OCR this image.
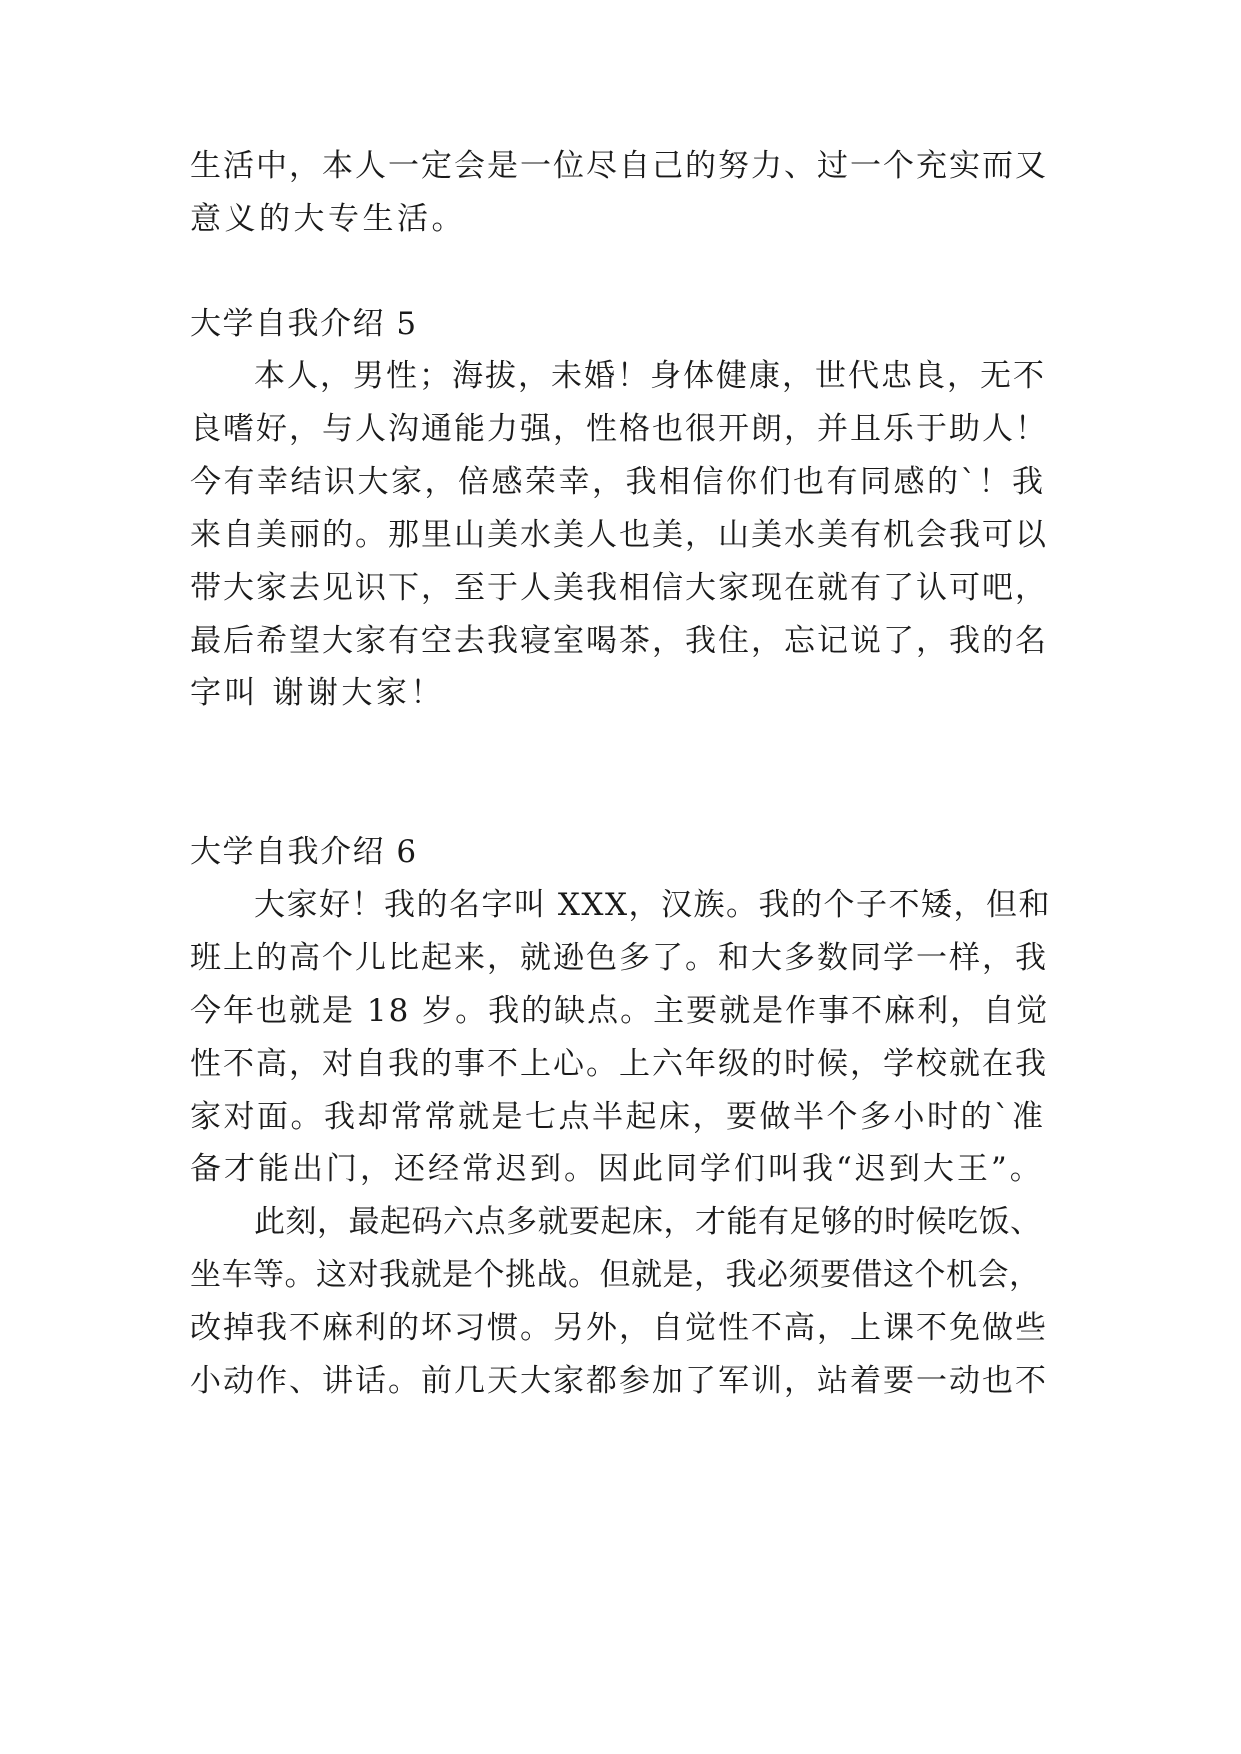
生活中，本人一定会是一位尽自己的努力、过一个充实而又
意义的大专生活。
大学自我介绍 5
本人，男性；海拔，未婚！身体健康，世代忠良，无不
良嗜好，与人沟通能力强，性格也很开朗，并且乐于助人！
今有幸结识大家，倍感荣幸，我相信你们也有同感的`！我
来自美丽的。那里山美水美人也美，山美水美有机会我可以
带大家去见识下，至于人美我相信大家现在就有了认可吧，
最后希望大家有空去我寝室喝茶，我住，忘记说了，我的名
字叫 谢谢大家！
大学自我介绍 6
大家好！我的名字叫 XXX，汉族。我的个子不矮，但和
班上的高个儿比起来，就逊色多了。和大多数同学一样，我
今年也就是 18 岁。我的缺点。主要就是作事不麻利，自觉
性不高，对自我的事不上心。上六年级的时候，学校就在我
家对面。我却常常就是七点半起床，要做半个多小时的`准
备才能出门，还经常迟到。因此同学们叫我“迟到大王”。
此刻，最起码六点多就要起床，才能有足够的时候吃饭、
坐车等。这对我就是个挑战。但就是，我必须要借这个机会，
改掉我不麻利的坏习惯。另外，自觉性不高，上课不免做些
小动作、讲话。前几天大家都参加了军训，站着要一动也不
